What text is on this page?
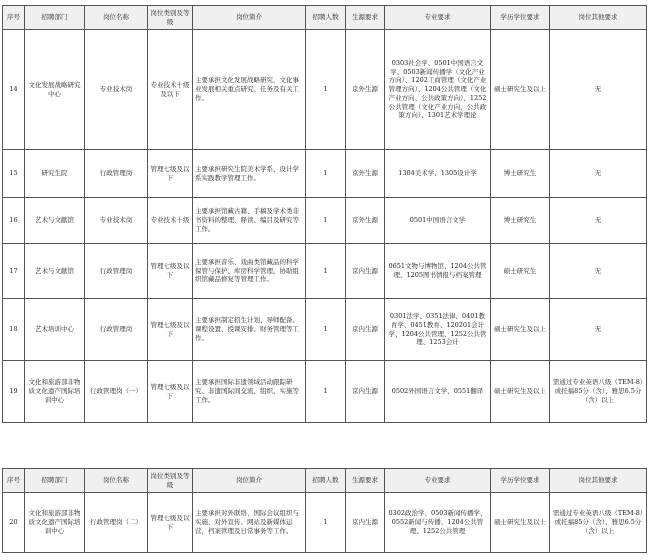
序号	招聘部门	岗位名称	岗位类别及等级	岗位简介	招聘人数	生源要求	专业要求	学历学位要求	岗位其他要求
14	文化发展战略研究中心	专业技术岗	专业技术十级及以下	主要承担文化发展战略研究，文化事业发展相关重点研究、任务及有关工作。	1	京外生源	0303社会学、0501中国语言文学、0503新闻传播学（文化产业方向）、1202工商管理（文化产业管理方向）、1204公共管理（文化产业方向、公共政策方向）、1252公共管理（文化产业方向、公共政策方向）、1301艺术学理论	硕士研究生及以上	无
15	研究生院	行政管理岗	管理七级及以下	主要承担研究生院美术学系、设计学系实践教学管理工作。	1	京外生源	1304美术学、1305设计学	博士研究生	无
16	艺术与文献馆	专业技术岗	专业技术十级	主要承担馆藏古籍、手稿及学术类非书资料的整理、释读、编目及研究等工作。	1	京外生源	0501中国语言文学	博士研究生	无
17	艺术与文献馆	行政管理岗	管理七级及以下	主要承担音乐、戏曲类馆藏品的科学保管与保护、库房科学管理，协助组织馆藏品修复等管理工作。	1	京内生源	0651文物与博物馆、1204公共管理、1205图书情报与档案管理	硕士研究生	无
18	艺术培训中心	行政管理岗	管理七级及以下	主要承担制定招生计划、导师配备、课程设置、授课安排、财务管理等工作。	1	京内生源	0301法学、0351法律、0401教育学、0451教育、120201会计学、1204公共管理、1252公共管理、1253会计	硕士研究生及以上	无
19	文化和旅游部非物质文化遗产国际培训中心	行政管理岗（一）	管理七级及以下	主要承担国际非遗领域活动跟踪研究、非遗国际间交流、组织、实施等工作。	1	京内生源	0502外国语言文学、0551翻译	硕士研究生及以上	需通过专业英语八级（TEM-8）或托福85分（含）、雅思6.5分（含）以上
序号	招聘部门	岗位名称	岗位类别及等级	岗位简介	招聘人数	生源要求	专业要求	学历学位要求	岗位其他要求
20	文化和旅游部非物质文化遗产国际培训中心	行政管理岗（二）	管理七级及以下	主要承担对外联络、国际会议组织与实施、对外宣传、网站及新媒体运营，档案管理及日常事务等工作。	1	京内生源	0302政治学、0503新闻传播学、0552新闻与传播、1204公共管理、1252公共管理	硕士研究生及以上	需通过专业英语八级（TEM-8）或托福85分（含）、雅思6.5分（含）以上
